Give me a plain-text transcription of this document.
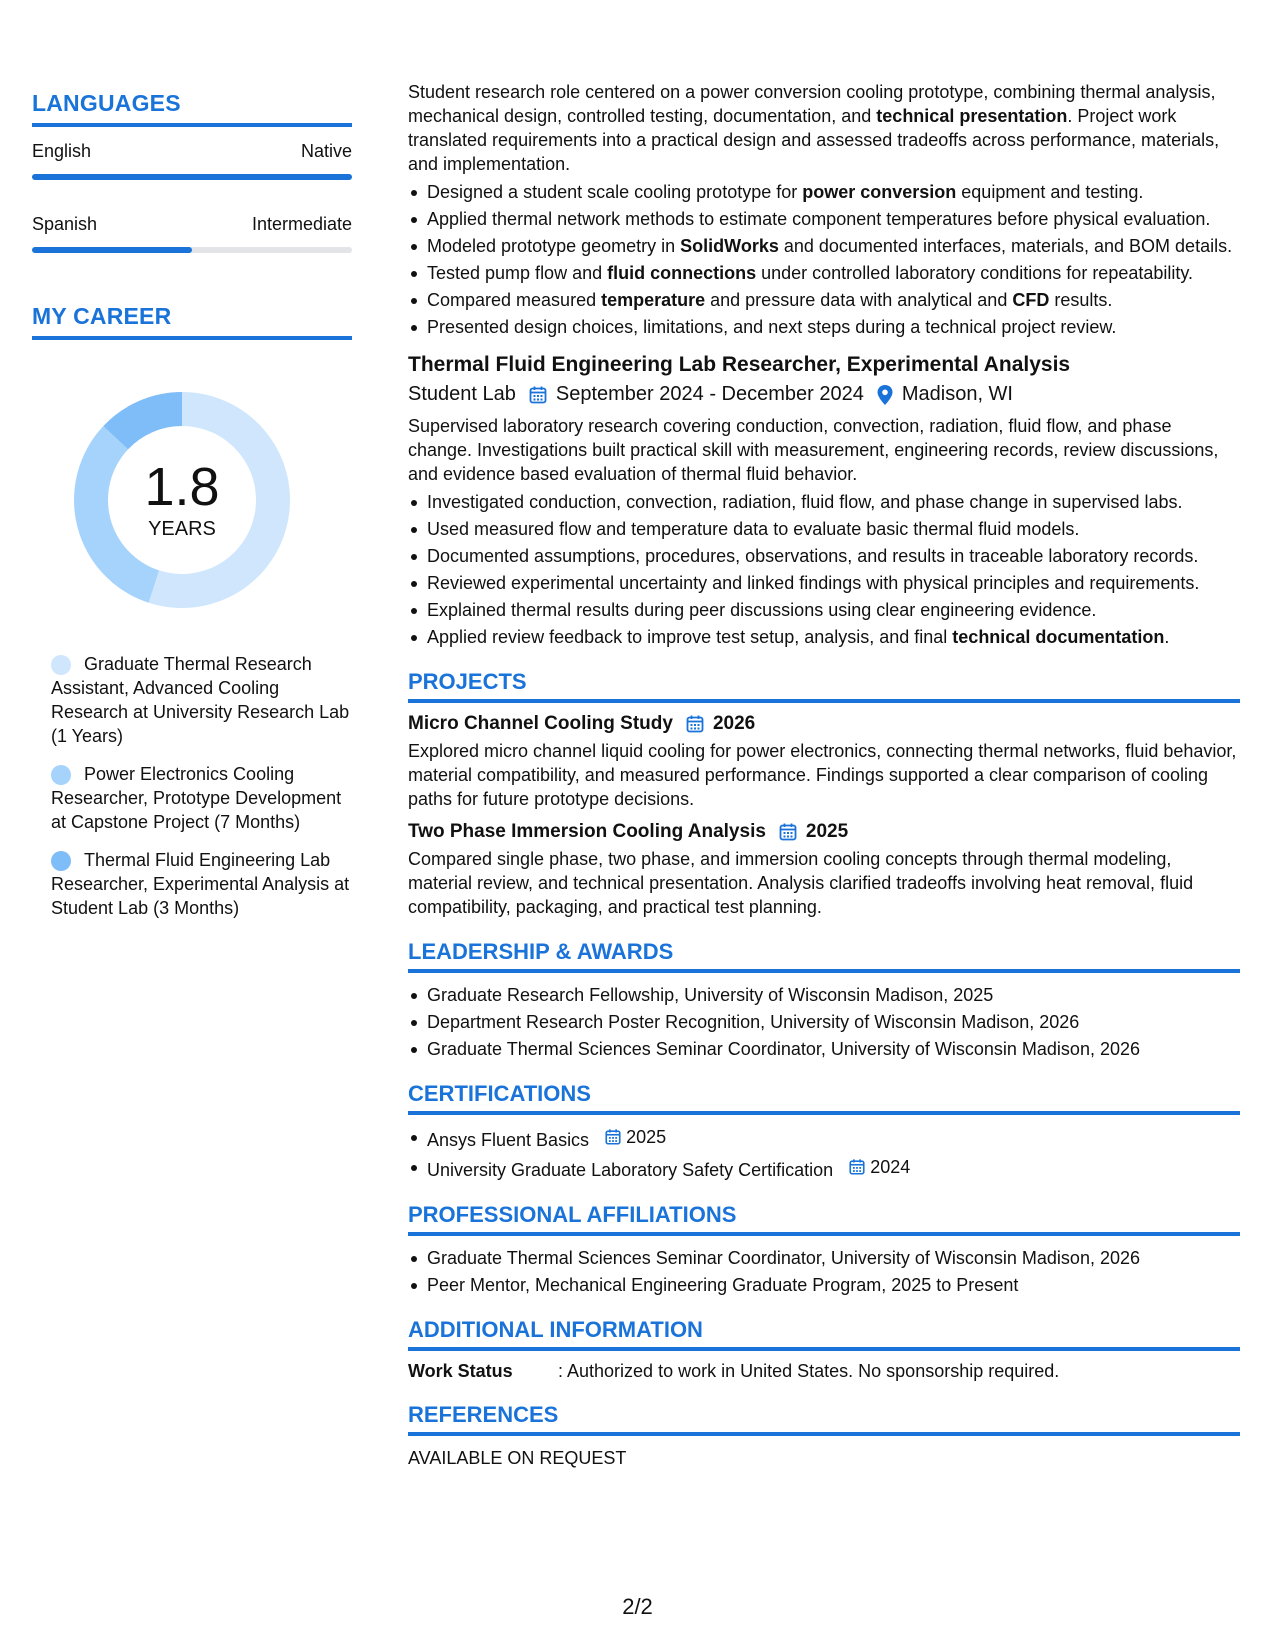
LANGUAGES
English	Native
Spanish	Intermediate
MY CAREER
1.8
YEARS
Graduate Thermal Research Assistant, Advanced Cooling Research at University Research Lab (1 Years)
Power Electronics Cooling Researcher, Prototype Development at Capstone Project (7 Months)
Thermal Fluid Engineering Lab Researcher, Experimental Analysis at Student Lab (3 Months)

Student research role centered on a power conversion cooling prototype, combining thermal analysis, mechanical design, controlled testing, documentation, and technical presentation. Project work translated requirements into a practical design and assessed tradeoffs across performance, materials, and implementation.

Designed a student scale cooling prototype for power conversion equipment and testing.
Applied thermal network methods to estimate component temperatures before physical evaluation.
Modeled prototype geometry in SolidWorks and documented interfaces, materials, and BOM details.
Tested pump flow and fluid connections under controlled laboratory conditions for repeatability.
Compared measured temperature and pressure data with analytical and CFD results.
Presented design choices, limitations, and next steps during a technical project review.
Thermal Fluid Engineering Lab Researcher, Experimental Analysis
Student Lab September 2024 - December 2024 Madison, WI

Supervised laboratory research covering conduction, convection, radiation, fluid flow, and phase change. Investigations built practical skill with measurement, engineering records, review discussions, and evidence based evaluation of thermal fluid behavior.

Investigated conduction, convection, radiation, fluid flow, and phase change in supervised labs.
Used measured flow and temperature data to evaluate basic thermal fluid models.
Documented assumptions, procedures, observations, and results in traceable laboratory records.
Reviewed experimental uncertainty and linked findings with physical principles and requirements.
Explained thermal results during peer discussions using clear engineering evidence.
Applied review feedback to improve test setup, analysis, and final technical documentation.
PROJECTS
Micro Channel Cooling Study 2026

Explored micro channel liquid cooling for power electronics, connecting thermal networks, fluid behavior, material compatibility, and measured performance. Findings supported a clear comparison of cooling paths for future prototype decisions.

Two Phase Immersion Cooling Analysis 2025

Compared single phase, two phase, and immersion cooling concepts through thermal modeling, material review, and technical presentation. Analysis clarified tradeoffs involving heat removal, fluid compatibility, packaging, and practical test planning.

LEADERSHIP & AWARDS
Graduate Research Fellowship, University of Wisconsin Madison, 2025
Department Research Poster Recognition, University of Wisconsin Madison, 2026
Graduate Thermal Sciences Seminar Coordinator, University of Wisconsin Madison, 2026
CERTIFICATIONS
Ansys Fluent Basics 2025
University Graduate Laboratory Safety Certification 2024
PROFESSIONAL AFFILIATIONS
Graduate Thermal Sciences Seminar Coordinator, University of Wisconsin Madison, 2026
Peer Mentor, Mechanical Engineering Graduate Program, 2025 to Present
ADDITIONAL INFORMATION
Work Status	: Authorized to work in United States. No sponsorship required.
REFERENCES

AVAILABLE ON REQUEST

2/2
